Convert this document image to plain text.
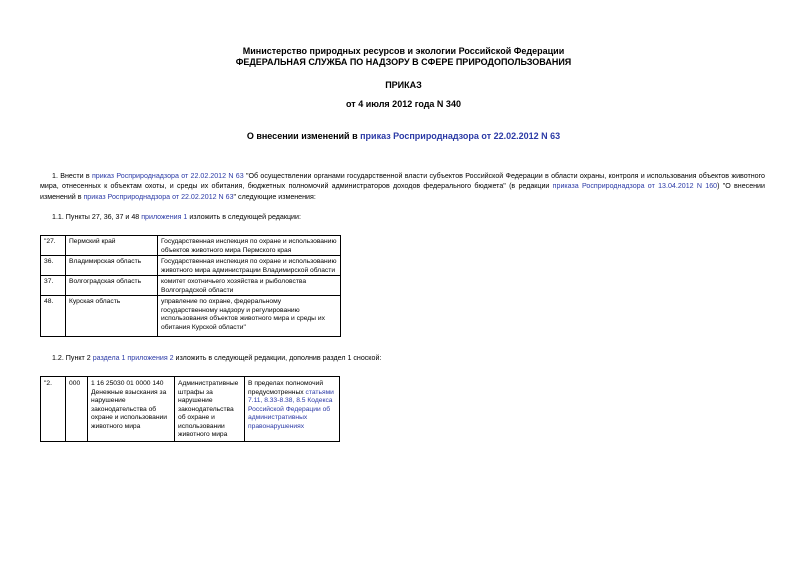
Министерство природных ресурсов и экологии Российской Федерации
ФЕДЕРАЛЬНАЯ СЛУЖБА ПО НАДЗОРУ В СФЕРЕ ПРИРОДОПОЛЬЗОВАНИЯ
ПРИКАЗ
от 4 июля 2012 года N 340
О внесении изменений в приказ Росприроднадзора от 22.02.2012 N 63
1. Внести в приказ Росприроднадзора от 22.02.2012 N 63 "Об осуществлении органами государственной власти субъектов Российской Федерации в области охраны, контроля и использования объектов животного мира, отнесенных к объектам охоты, и среды их обитания, бюджетных полномочий администраторов доходов федерального бюджета" (в редакции приказа Росприроднадзора от 13.04.2012 N 160) "О внесении изменений в приказ Росприроднадзора от 22.02.2012 N 63" следующие изменения:
1.1. Пункты 27, 36, 37 и 48 приложения 1 изложить в следующей редакции:
"27.	Пермский край	Государственная инспекция по охране и использованию
объектов животного мира Пермского края
36.	Владимирская область	Государственная инспекция по охране и использованию
животного мира администрации Владимирской области
37.	Волгоградская область	комитет охотничьего хозяйства и рыболовства
Волгоградской области
48.	Курская область	управление по охране, федеральному
государственному надзору и регулированию
использования объектов животного мира и среды их
обитания Курской области"
1.2. Пункт 2 раздела 1 приложения 2 изложить в следующей редакции, дополнив раздел 1 сноской:
"2.	000	1 16 25030 01 0000 140
Денежные взыскания за
нарушение
законодательства об
охране и использовании
животного мира	Административные
штрафы за
нарушение
законодательства
об охране и
использовании
животного мира	В пределах полномочий
предусмотренных статьями
7.11, 8.33-8.38, 8.5 Кодекса
Российской Федерации об
административных
правонарушениях
